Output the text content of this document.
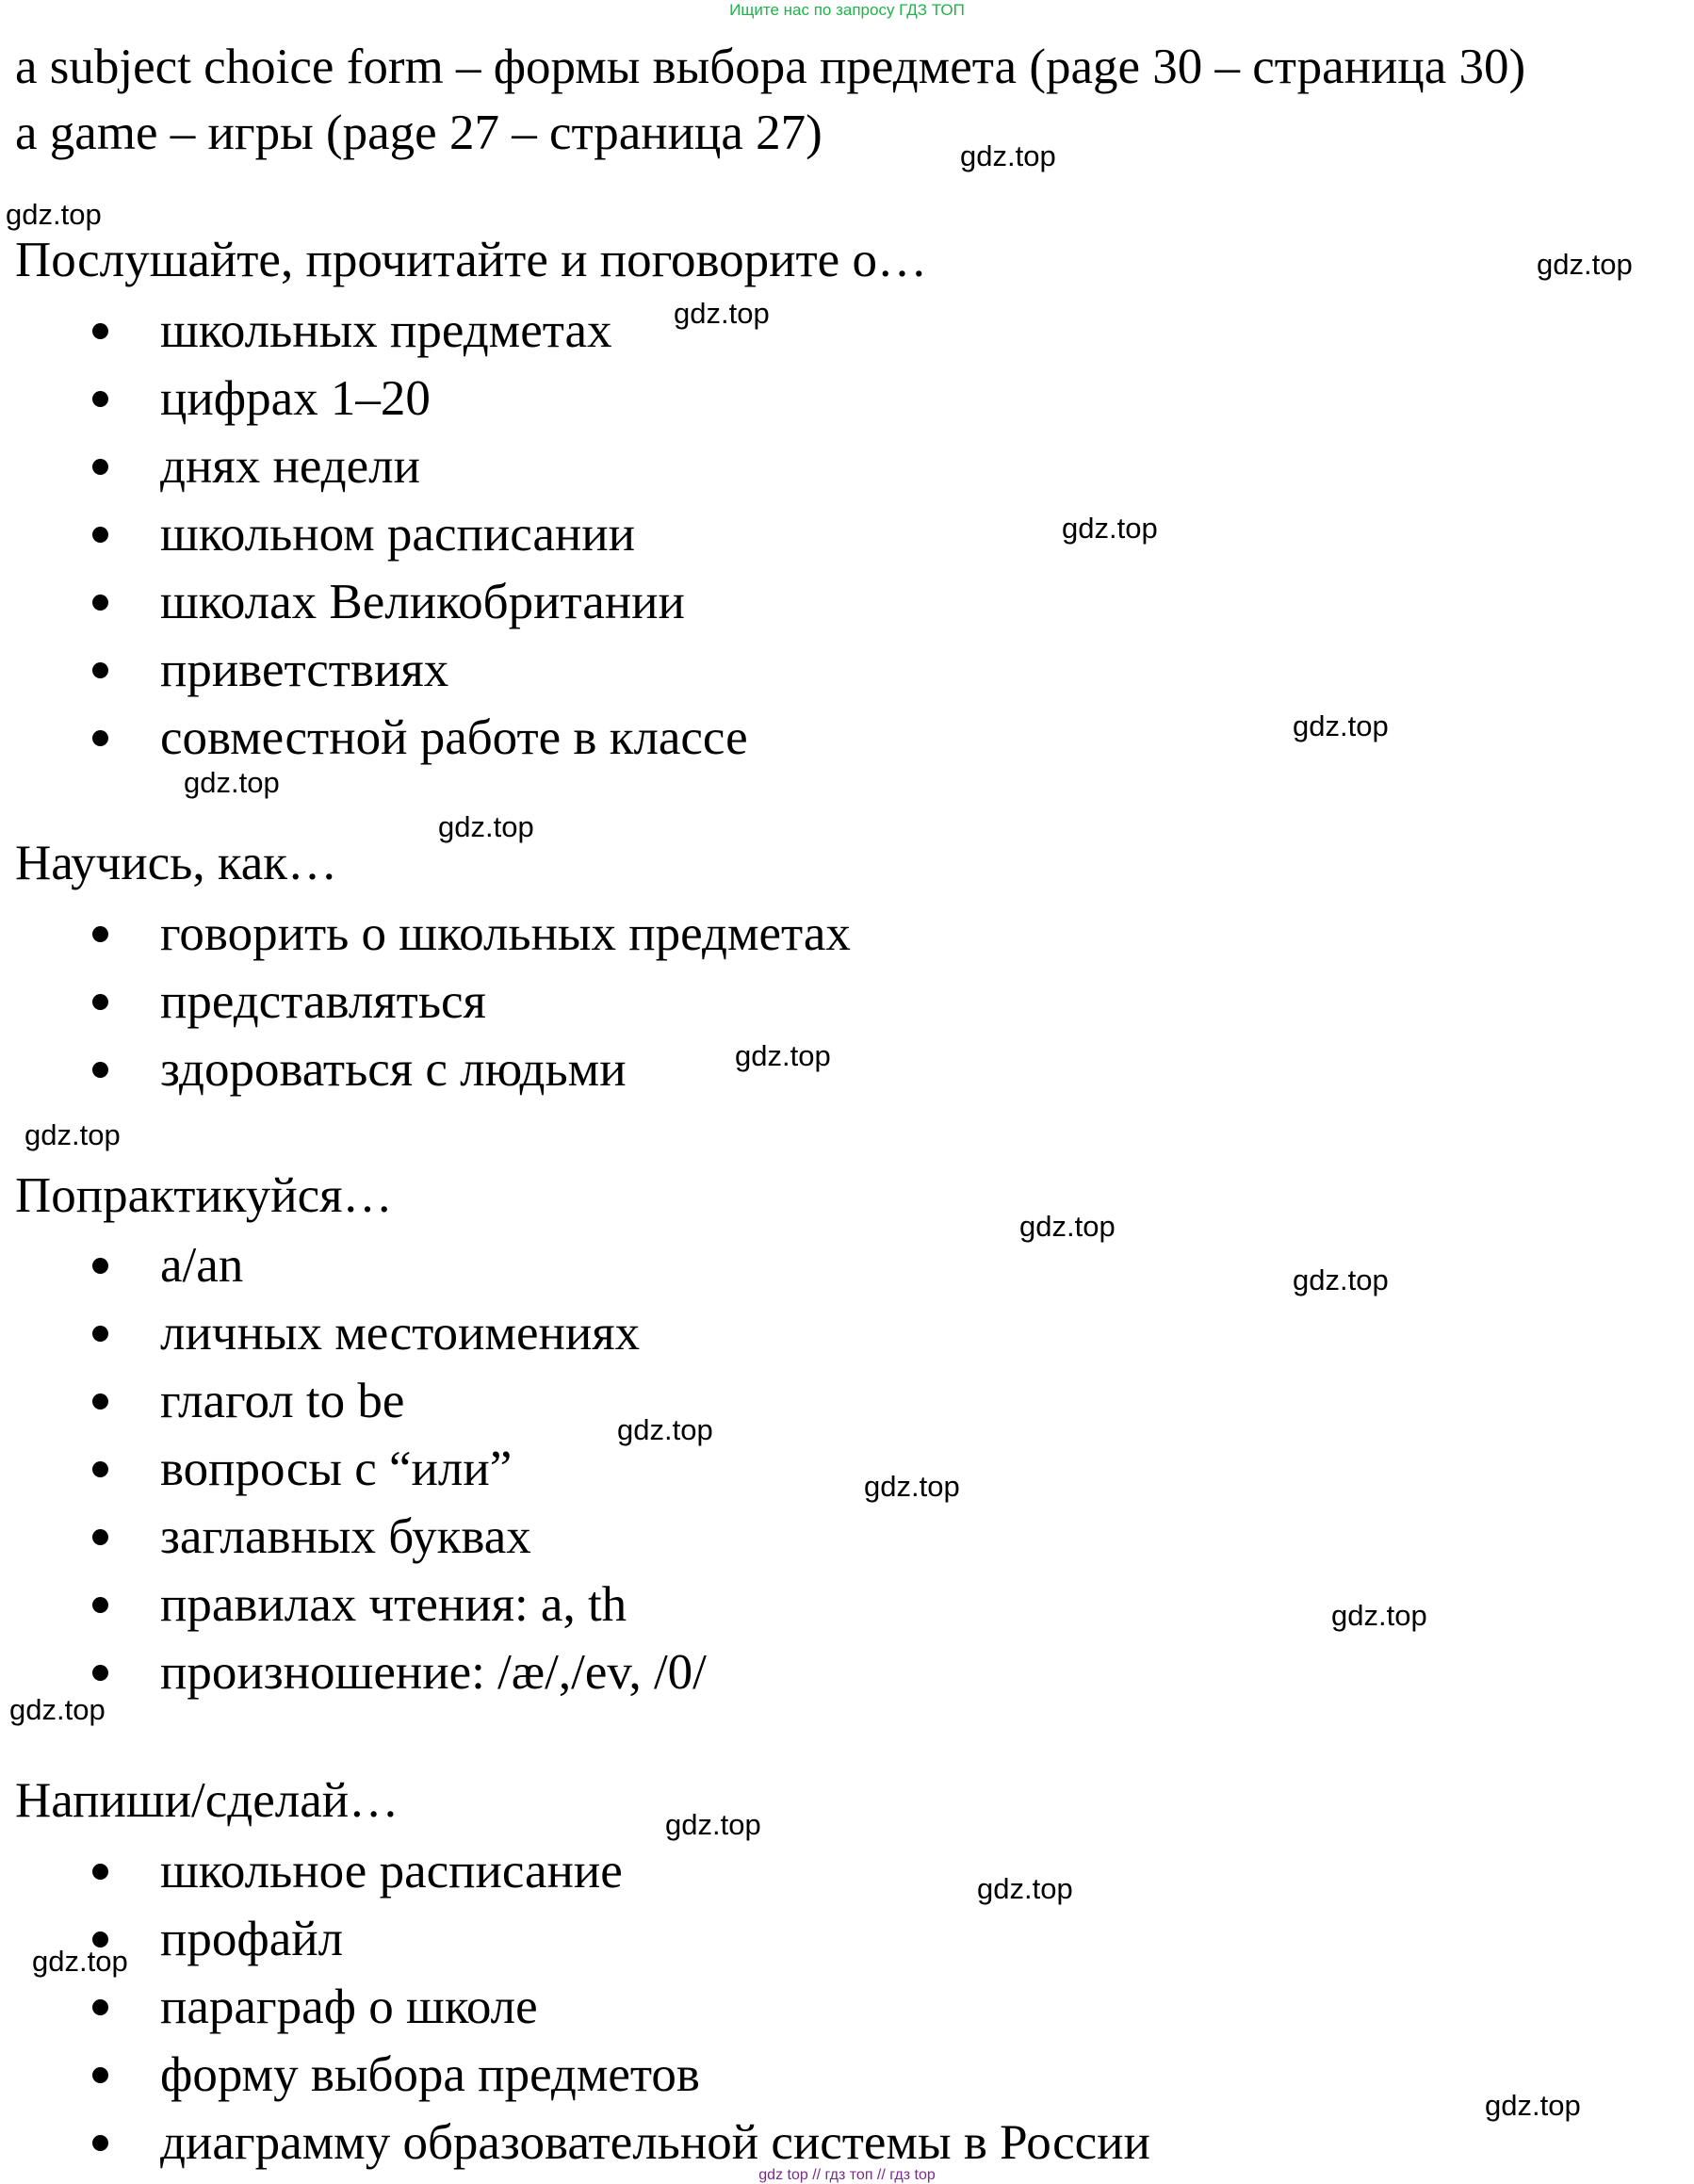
Ищите нас по запросу ГДЗ ТОП
a subject choice form – формы выбора предмета (page 30 – страница 30)
a game – игры (page 27 – страница 27)
Послушайте, прочитайте и поговорите о…
школьных предметах
цифрах 1–20
днях недели
школьном расписании
школах Великобритании
приветствиях
совместной работе в классе
Научись, как…
говорить о школьных предметах
представляться
здороваться с людьми
Попрактикуйся…
a/an
личных местоимениях
глагол to be
вопросы с “или”
заглавных буквах
правилах чтения: a, th
произношение: /æ/,/ev, /0/
Напиши/сделай…
школьное расписание
профайл
параграф о школе
форму выбора предметов
диаграмму образовательной системы в России
gdz.top
gdz.top
gdz.top
gdz.top
gdz.top
gdz.top
gdz.top
gdz.top
gdz.top
gdz.top
gdz.top
gdz.top
gdz.top
gdz.top
gdz.top
gdz.top
gdz.top
gdz.top
gdz.top
gdz.top
gdz top // гдз топ // гдз top
